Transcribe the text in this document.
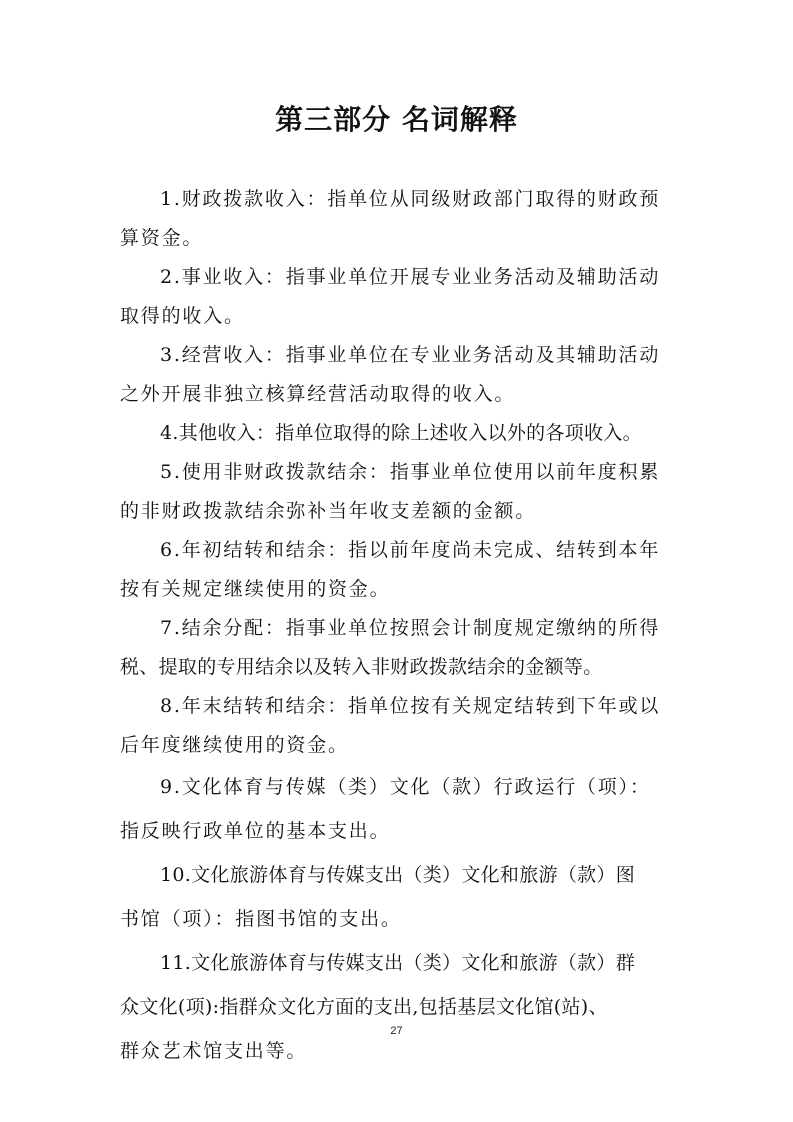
第三部分 名词解释
1.财政拨款收入：指单位从同级财政部门取得的财政预
算资金。
2.事业收入：指事业单位开展专业业务活动及辅助活动
取得的收入。
3.经营收入：指事业单位在专业业务活动及其辅助活动
之外开展非独立核算经营活动取得的收入。
4.其他收入：指单位取得的除上述收入以外的各项收入。
5.使用非财政拨款结余：指事业单位使用以前年度积累
的非财政拨款结余弥补当年收支差额的金额。
6.年初结转和结余：指以前年度尚未完成、结转到本年
按有关规定继续使用的资金。
7.结余分配：指事业单位按照会计制度规定缴纳的所得
税、提取的专用结余以及转入非财政拨款结余的金额等。
8.年末结转和结余：指单位按有关规定结转到下年或以
后年度继续使用的资金。
9.文化体育与传媒（类）文化（款）行政运行（项）：
指反映行政单位的基本支出。
10.文化旅游体育与传媒支出（类）文化和旅游（款）图
书馆（项）：指图书馆的支出。
11.文化旅游体育与传媒支出（类）文化和旅游（款）群
众文化(项):指群众文化方面的支出,包括基层文化馆(站)、
群众艺术馆支出等。
27
